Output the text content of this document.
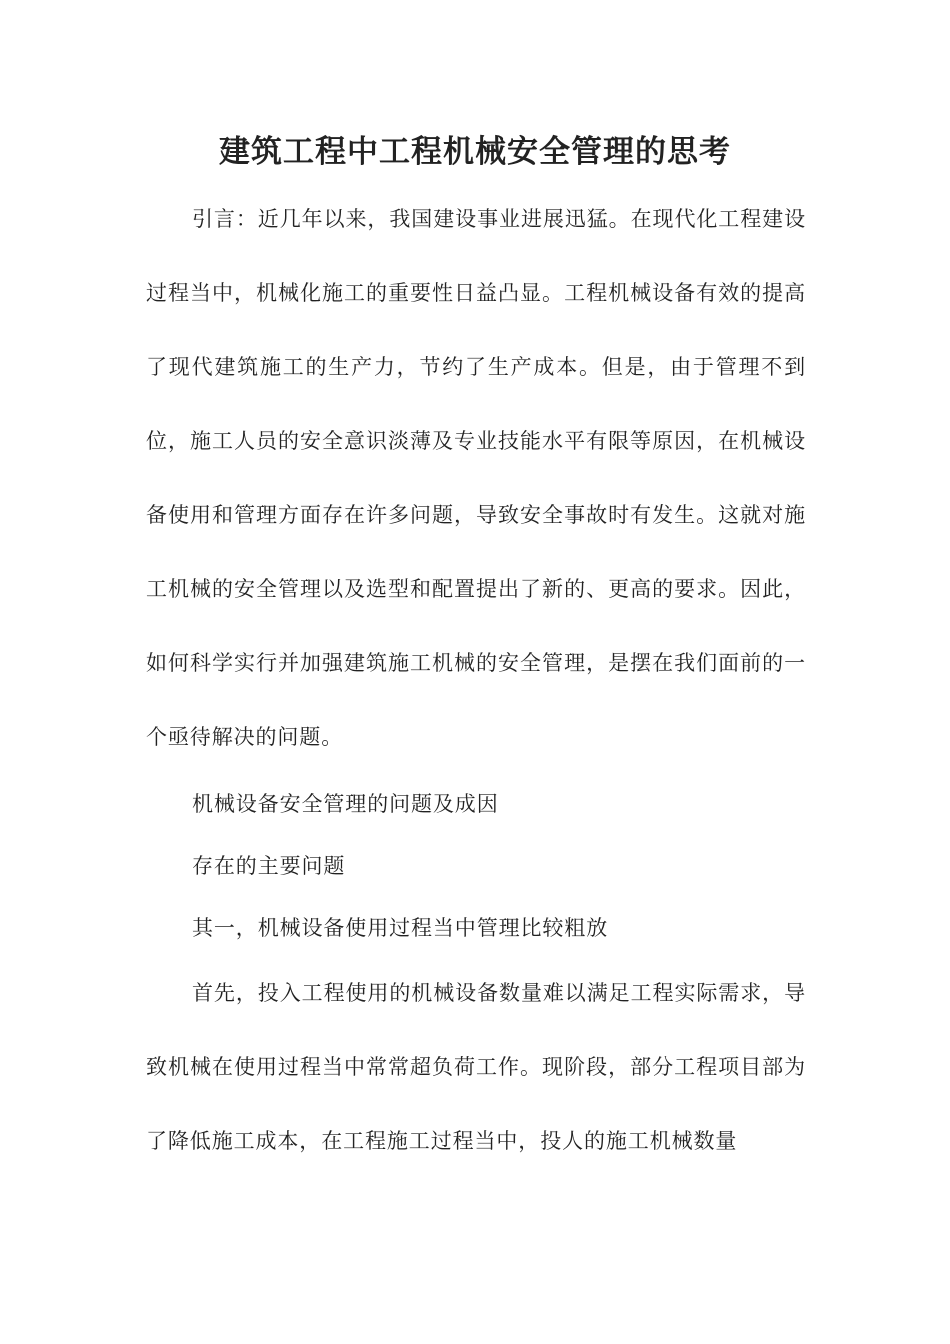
建筑工程中工程机械安全管理的思考

引言：近几年以来，我国建设事业进展迅猛。在现代化工程建设过程当中，机械化施工的重要性日益凸显。工程机械设备有效的提高了现代建筑施工的生产力，节约了生产成本。但是，由于管理不到位，施工人员的安全意识淡薄及专业技能水平有限等原因，在机械设备使用和管理方面存在许多问题，导致安全事故时有发生。这就对施工机械的安全管理以及选型和配置提出了新的、更高的要求。因此，如何科学实行并加强建筑施工机械的安全管理，是摆在我们面前的一个亟待解决的问题。

机械设备安全管理的问题及成因

存在的主要问题

其一，机械设备使用过程当中管理比较粗放

首先，投入工程使用的机械设备数量难以满足工程实际需求，导致机械在使用过程当中常常超负荷工作。现阶段，部分工程项目部为了降低施工成本，在工程施工过程当中，投人的施工机械数量
